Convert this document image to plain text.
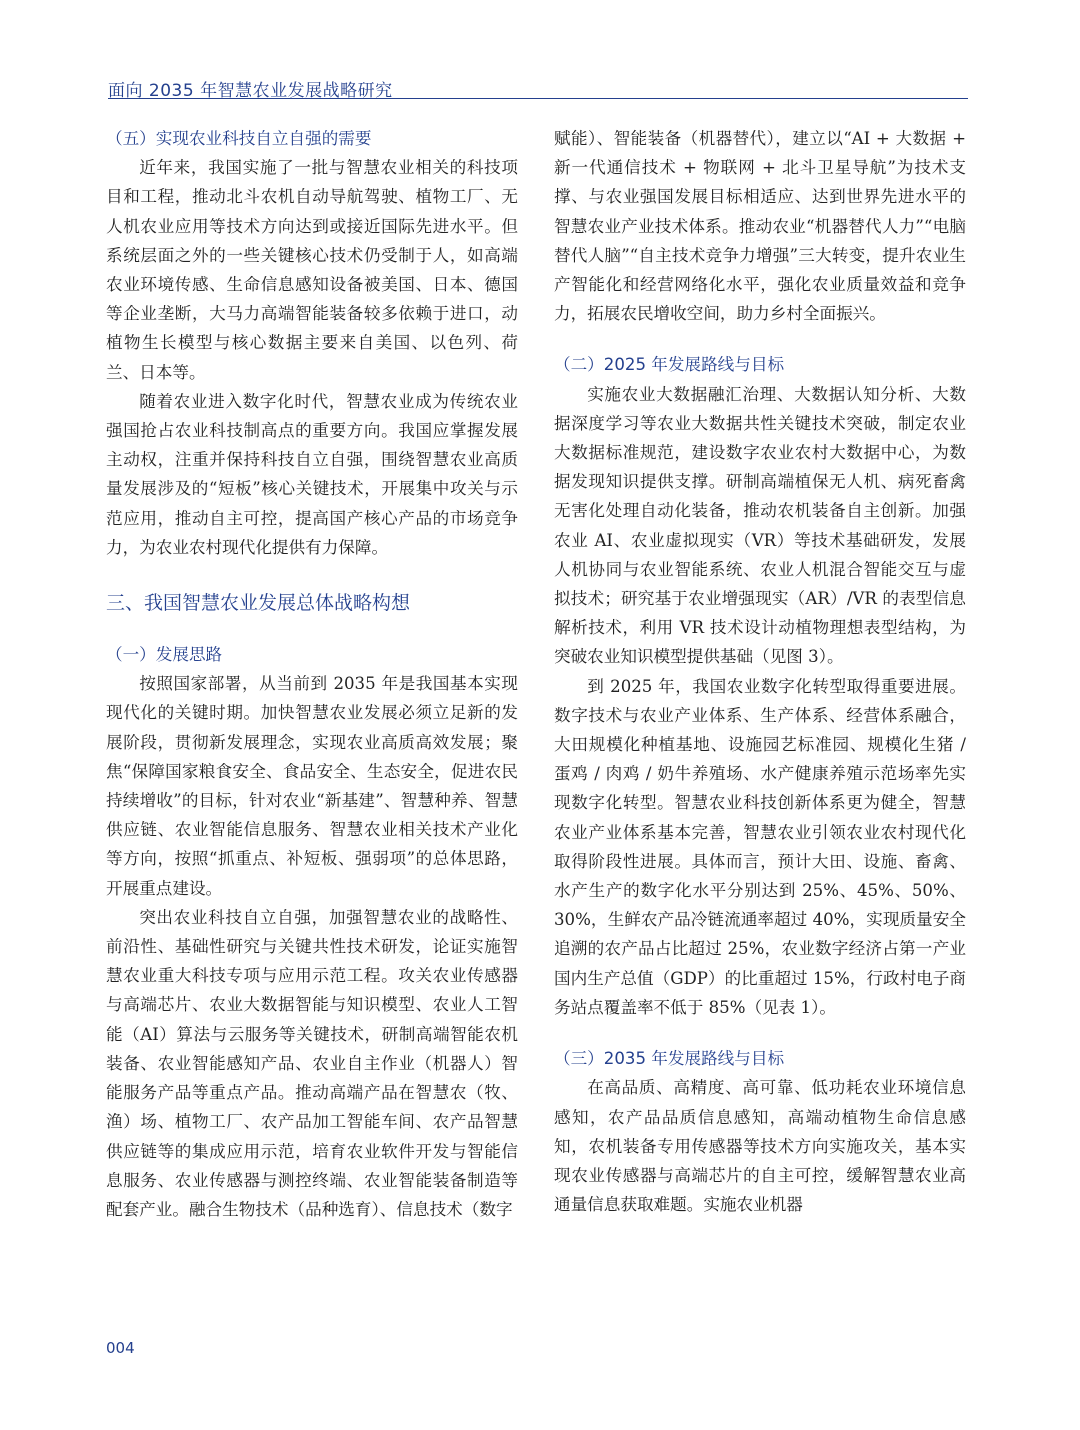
面向 2035 年智慧农业发展战略研究

（五）实现农业科技自立自强的需要

近年来，我国实施了一批与智慧农业相关的科技项目和工程，推动北斗农机自动导航驾驶、植物工厂、无人机农业应用等技术方向达到或接近国际先进水平。但系统层面之外的一些关键核心技术仍受制于人，如高端农业环境传感、生命信息感知设备被美国、日本、德国等企业垄断，大马力高端智能装备较多依赖于进口，动植物生长模型与核心数据主要来自美国、以色列、荷兰、日本等。

随着农业进入数字化时代，智慧农业成为传统农业强国抢占农业科技制高点的重要方向。我国应掌握发展主动权，注重并保持科技自立自强，围绕智慧农业高质量发展涉及的“短板”核心关键技术，开展集中攻关与示范应用，推动自主可控，提高国产核心产品的市场竞争力，为农业农村现代化提供有力保障。

三、我国智慧农业发展总体战略构想

（一）发展思路

按照国家部署，从当前到 2035 年是我国基本实现现代化的关键时期。加快智慧农业发展必须立足新的发展阶段，贯彻新发展理念，实现农业高质高效发展；聚焦“保障国家粮食安全、食品安全、生态安全，促进农民持续增收”的目标，针对农业“新基建”、智慧种养、智慧供应链、农业智能信息服务、智慧农业相关技术产业化等方向，按照“抓重点、补短板、强弱项”的总体思路，开展重点建设。

突出农业科技自立自强，加强智慧农业的战略性、前沿性、基础性研究与关键共性技术研发，论证实施智慧农业重大科技专项与应用示范工程。攻关农业传感器与高端芯片、农业大数据智能与知识模型、农业人工智能（AI）算法与云服务等关键技术，研制高端智能农机装备、农业智能感知产品、农业自主作业（机器人）智能服务产品等重点产品。推动高端产品在智慧农（牧、渔）场、植物工厂、农产品加工智能车间、农产品智慧供应链等的集成应用示范，培育农业软件开发与智能信息服务、农业传感器与测控终端、农业智能装备制造等配套产业。融合生物技术（品种选育）、信息技术（数字

赋能）、智能装备（机器替代），建立以“AI + 大数据 + 新一代通信技术 + 物联网 + 北斗卫星导航”为技术支撑、与农业强国发展目标相适应、达到世界先进水平的智慧农业产业技术体系。推动农业“机器替代人力”“电脑替代人脑”“自主技术竞争力增强”三大转变，提升农业生产智能化和经营网络化水平，强化农业质量效益和竞争力，拓展农民增收空间，助力乡村全面振兴。

（二）2025 年发展路线与目标

实施农业大数据融汇治理、大数据认知分析、大数据深度学习等农业大数据共性关键技术突破，制定农业大数据标准规范，建设数字农业农村大数据中心，为数据发现知识提供支撑。研制高端植保无人机、病死畜禽无害化处理自动化装备，推动农机装备自主创新。加强农业 AI、农业虚拟现实（VR）等技术基础研发，发展人机协同与农业智能系统、农业人机混合智能交互与虚拟技术；研究基于农业增强现实（AR）/VR 的表型信息解析技术，利用 VR 技术设计动植物理想表型结构，为突破农业知识模型提供基础（见图 3）。

到 2025 年，我国农业数字化转型取得重要进展。数字技术与农业产业体系、生产体系、经营体系融合，大田规模化种植基地、设施园艺标准园、规模化生猪 / 蛋鸡 / 肉鸡 / 奶牛养殖场、水产健康养殖示范场率先实现数字化转型。智慧农业科技创新体系更为健全，智慧农业产业体系基本完善，智慧农业引领农业农村现代化取得阶段性进展。具体而言，预计大田、设施、畜禽、水产生产的数字化水平分别达到 25%、45%、50%、30%，生鲜农产品冷链流通率超过 40%，实现质量安全追溯的农产品占比超过 25%，农业数字经济占第一产业国内生产总值（GDP）的比重超过 15%，行政村电子商务站点覆盖率不低于 85%（见表 1）。

（三）2035 年发展路线与目标

在高品质、高精度、高可靠、低功耗农业环境信息感知，农产品品质信息感知，高端动植物生命信息感知，农机装备专用传感器等技术方向实施攻关，基本实现农业传感器与高端芯片的自主可控，缓解智慧农业高通量信息获取难题。实施农业机器

004
